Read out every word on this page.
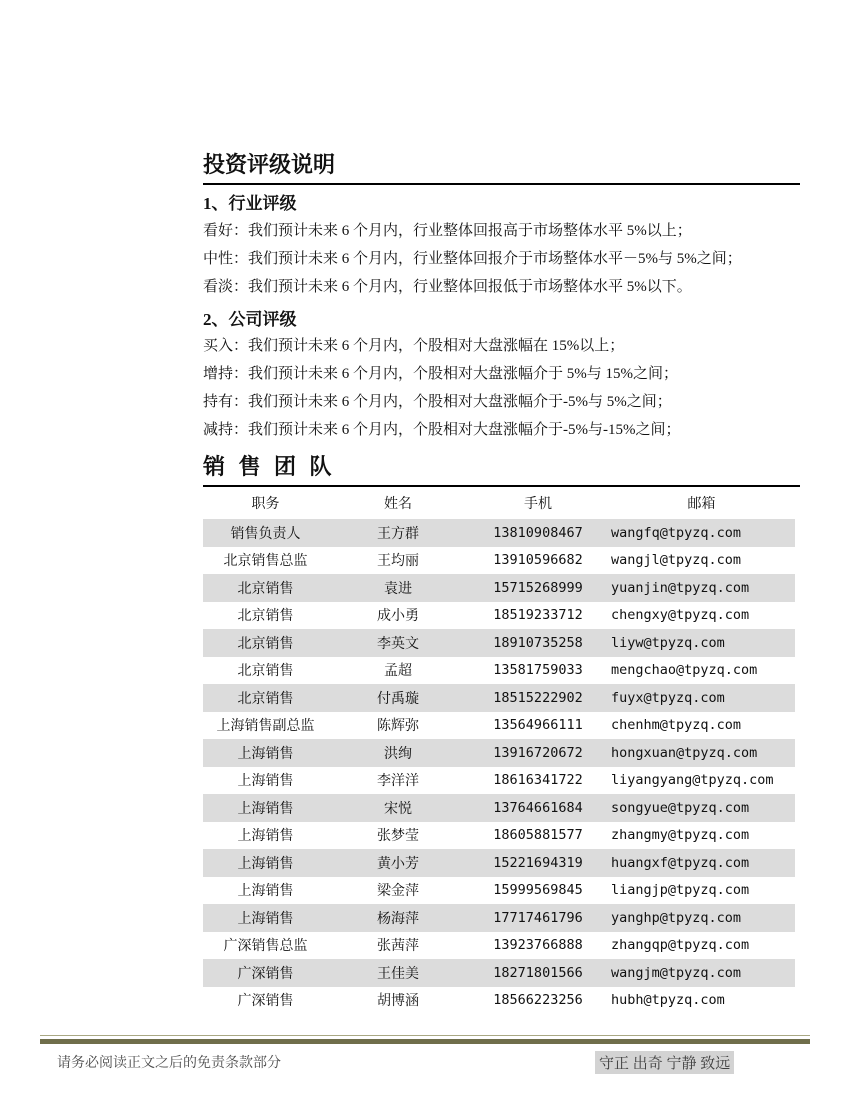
投资评级说明
1、行业评级
看好：我们预计未来 6 个月内，行业整体回报高于市场整体水平 5%以上；
中性：我们预计未来 6 个月内，行业整体回报介于市场整体水平－5%与 5%之间；
看淡：我们预计未来 6 个月内，行业整体回报低于市场整体水平 5%以下。
2、公司评级
买入：我们预计未来 6 个月内，个股相对大盘涨幅在 15%以上；
增持：我们预计未来 6 个月内，个股相对大盘涨幅介于 5%与 15%之间；
持有：我们预计未来 6 个月内，个股相对大盘涨幅介于-5%与 5%之间；
减持：我们预计未来 6 个月内，个股相对大盘涨幅介于-5%与-15%之间；
销 售 团 队
职务	姓名	手机	邮箱
销售负责人	王方群	13810908467	wangfq@tpyzq.com
北京销售总监	王均丽	13910596682	wangjl@tpyzq.com
北京销售	袁进	15715268999	yuanjin@tpyzq.com
北京销售	成小勇	18519233712	chengxy@tpyzq.com
北京销售	李英文	18910735258	liyw@tpyzq.com
北京销售	孟超	13581759033	mengchao@tpyzq.com
北京销售	付禹璇	18515222902	fuyx@tpyzq.com
上海销售副总监	陈辉弥	13564966111	chenhm@tpyzq.com
上海销售	洪绚	13916720672	hongxuan@tpyzq.com
上海销售	李洋洋	18616341722	liyangyang@tpyzq.com
上海销售	宋悦	13764661684	songyue@tpyzq.com
上海销售	张梦莹	18605881577	zhangmy@tpyzq.com
上海销售	黄小芳	15221694319	huangxf@tpyzq.com
上海销售	梁金萍	15999569845	liangjp@tpyzq.com
上海销售	杨海萍	17717461796	yanghp@tpyzq.com
广深销售总监	张茜萍	13923766888	zhangqp@tpyzq.com
广深销售	王佳美	18271801566	wangjm@tpyzq.com
广深销售	胡博涵	18566223256	hubh@tpyzq.com
请务必阅读正文之后的免责条款部分	守正 出奇 宁静 致远
